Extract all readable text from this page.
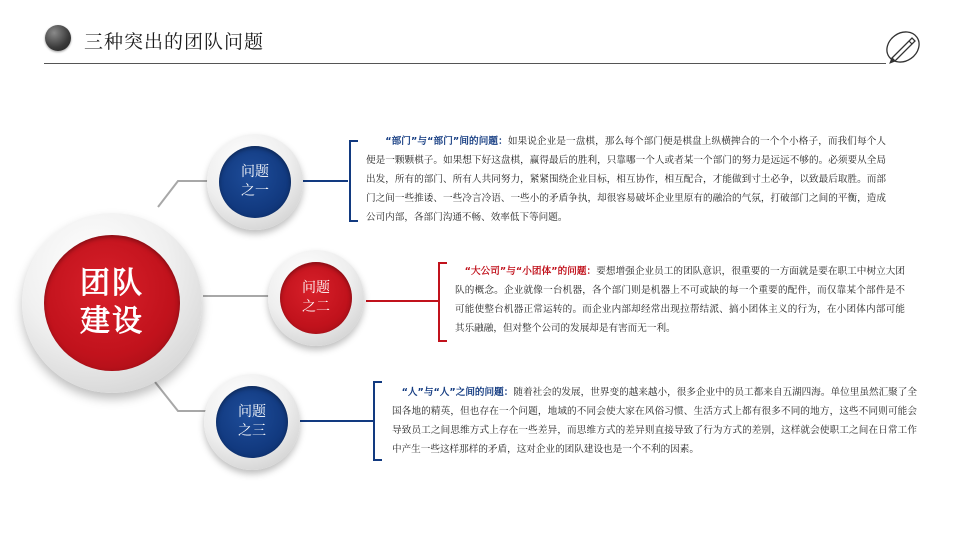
三种突出的团队问题
团队
建设
问题
之一
问题
之二
问题
之三
“部门”与“部门”间的问题：如果说企业是一盘棋，那么每个部门便是棋盘上纵横捭合的一个个小格子，而我们每个人便是一颗颗棋子。如果想下好这盘棋，赢得最后的胜利，只靠哪一个人或者某一个部门的努力是远远不够的。必须要从全局出发，所有的部门、所有人共同努力，紧紧围绕企业目标，相互协作，相互配合，才能做到寸土必争，以致最后取胜。而部门之间一些推诿、一些冷言冷语、一些小的矛盾争执，却很容易破坏企业里原有的融洽的气氛，打破部门之间的平衡，造成公司内部，各部门沟通不畅、效率低下等问题。
“大公司”与“小团体”的问题：要想增强企业员工的团队意识，很重要的一方面就是要在职工中树立大团队的概念。企业就像一台机器，各个部门则是机器上不可或缺的每一个重要的配件，而仅靠某个部件是不可能使整台机器正常运转的。而企业内部却经常出现拉帮结派、搞小团体主义的行为，在小团体内部可能其乐融融，但对整个公司的发展却是有害而无一利。
“人”与“人”之间的问题：随着社会的发展，世界变的越来越小，很多企业中的员工都来自五湖四海。单位里虽然汇聚了全国各地的精英，但也存在一个问题，地域的不同会使大家在风俗习惯、生活方式上都有很多不同的地方，这些不同则可能会导致员工之间思维方式上存在一些差异，而思维方式的差异则直接导致了行为方式的差别，这样就会使职工之间在日常工作中产生一些这样那样的矛盾，这对企业的团队建设也是一个不利的因素。
